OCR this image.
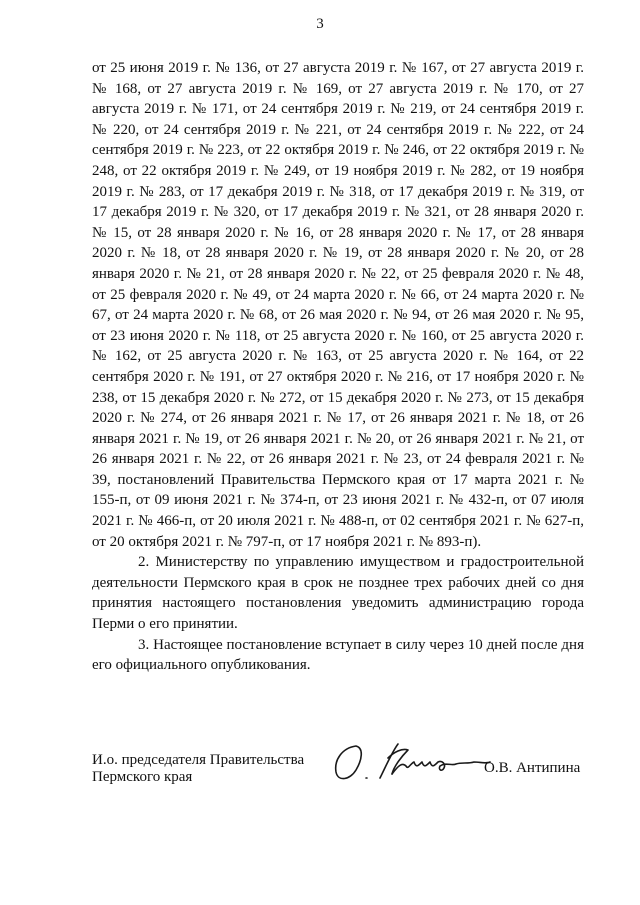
3

от 25 июня 2019 г. № 136, от 27 августа 2019 г. № 167, от 27 августа 2019 г. № 168, от 27 августа 2019 г. № 169, от 27 августа 2019 г. № 170, от 27 августа 2019 г. № 171, от 24 сентября 2019 г. № 219, от 24 сентября 2019 г. № 220, от 24 сентября 2019 г. № 221, от 24 сентября 2019 г. № 222, от 24 сентября 2019 г. № 223, от 22 октября 2019 г. № 246, от 22 октября 2019 г. № 248, от 22 октября 2019 г. № 249, от 19 ноября 2019 г. № 282, от 19 ноября 2019 г. № 283, от 17 декабря 2019 г. № 318, от 17 декабря 2019 г. № 319, от 17 декабря 2019 г. № 320, от 17 декабря 2019 г. № 321, от 28 января 2020 г. № 15, от 28 января 2020 г. № 16, от 28 января 2020 г. № 17, от 28 января 2020 г. № 18, от 28 января 2020 г. № 19, от 28 января 2020 г. № 20, от 28 января 2020 г. № 21, от 28 января 2020 г. № 22, от 25 февраля 2020 г. № 48, от 25 февраля 2020 г. № 49, от 24 марта 2020 г. № 66, от 24 марта 2020 г. № 67, от 24 марта 2020 г. № 68, от 26 мая 2020 г. № 94, от 26 мая 2020 г. № 95, от 23 июня 2020 г. № 118, от 25 августа 2020 г. № 160, от 25 августа 2020 г. № 162, от 25 августа 2020 г. № 163, от 25 августа 2020 г. № 164, от 22 сентября 2020 г. № 191, от 27 октября 2020 г. № 216, от 17 ноября 2020 г. № 238, от 15 декабря 2020 г. № 272, от 15 декабря 2020 г. № 273, от 15 декабря 2020 г. № 274, от 26 января 2021 г. № 17, от 26 января 2021 г. № 18, от 26 января 2021 г. № 19, от 26 января 2021 г. № 20, от 26 января 2021 г. № 21, от 26 января 2021 г. № 22, от 26 января 2021 г. № 23, от 24 февраля 2021 г. № 39, постановлений Правительства Пермского края от 17 марта 2021 г. № 155-п, от 09 июня 2021 г. № 374-п, от 23 июня 2021 г. № 432-п, от 07 июля 2021 г. № 466-п, от 20 июля 2021 г. № 488-п, от 02 сентября 2021 г. № 627-п, от 20 октября 2021 г. № 797-п, от 17 ноября 2021 г. № 893-п).

2. Министерству по управлению имуществом и градостроительной деятельности Пермского края в срок не позднее трех рабочих дней со дня принятия настоящего постановления уведомить администрацию города Перми о его принятии.

3. Настоящее постановление вступает в силу через 10 дней после дня его официального опубликования.

И.о. председателя Правительства
Пермского края
О.В. Антипина
